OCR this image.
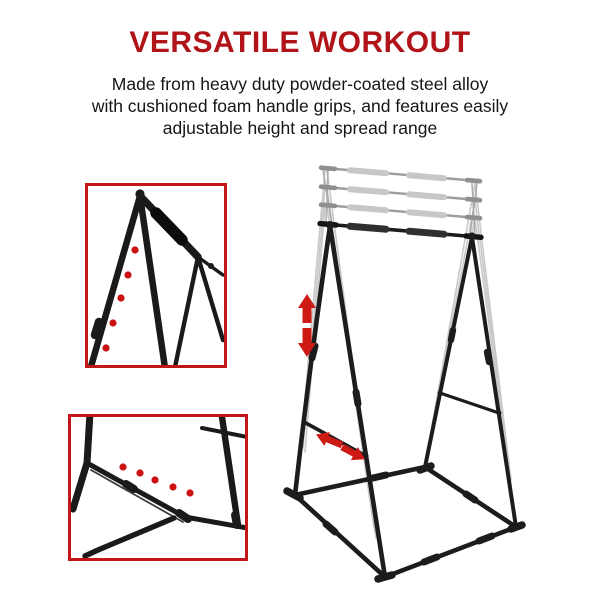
VERSATILE WORKOUT
Made from heavy duty powder-coated steel alloy
with cushioned foam handle grips, and features easily
adjustable height and spread range
